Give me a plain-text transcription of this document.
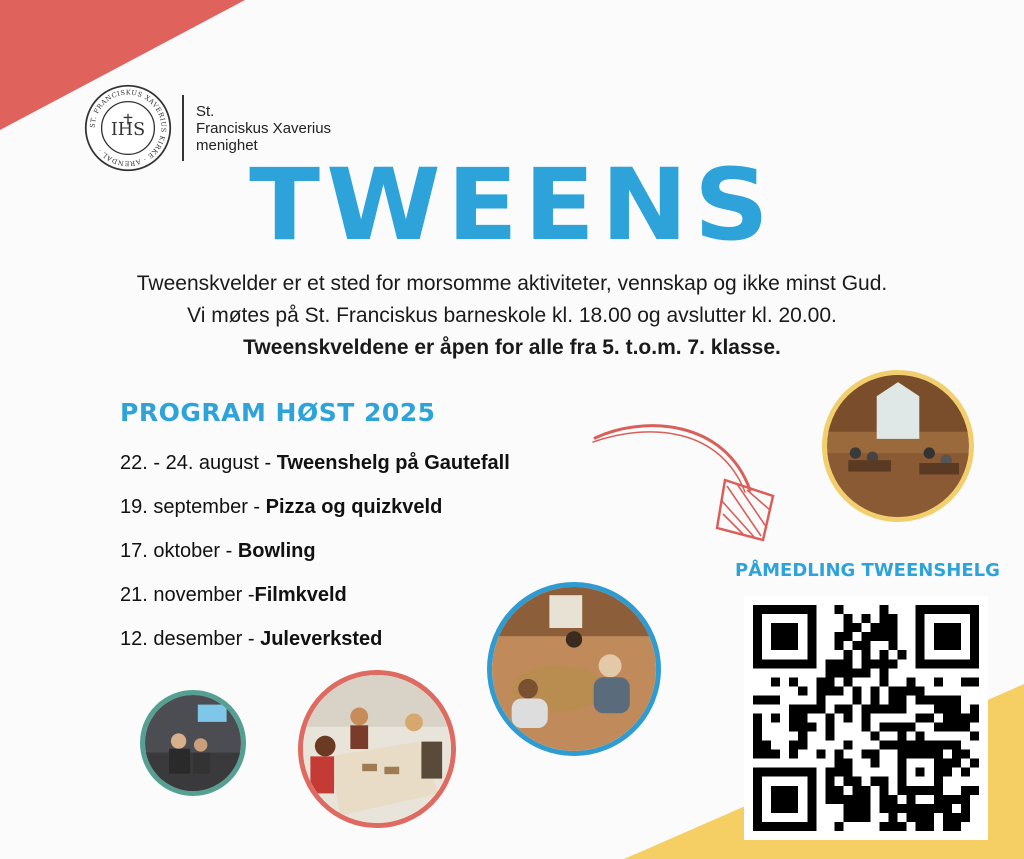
ST. FRANCISKUS XAVERIUS KIRKE · ARENDAL ·
IHS
St.
Franciskus Xaverius
menighet
TWEENS
Tweenskvelder er et sted for morsomme aktiviteter, vennskap og ikke minst Gud.
Vi møtes på St. Franciskus barneskole kl. 18.00 og avslutter kl. 20.00.
Tweenskveldene er åpen for alle fra 5. t.o.m. 7. klasse.
PROGRAM HØST 2025
22. - 24. august - Tweenshelg på Gautefall
19. september - Pizza og quizkveld
17. oktober - Bowling
21. november -Filmkveld
12. desember - Juleverksted
PÅMEDLING TWEENSHELG
